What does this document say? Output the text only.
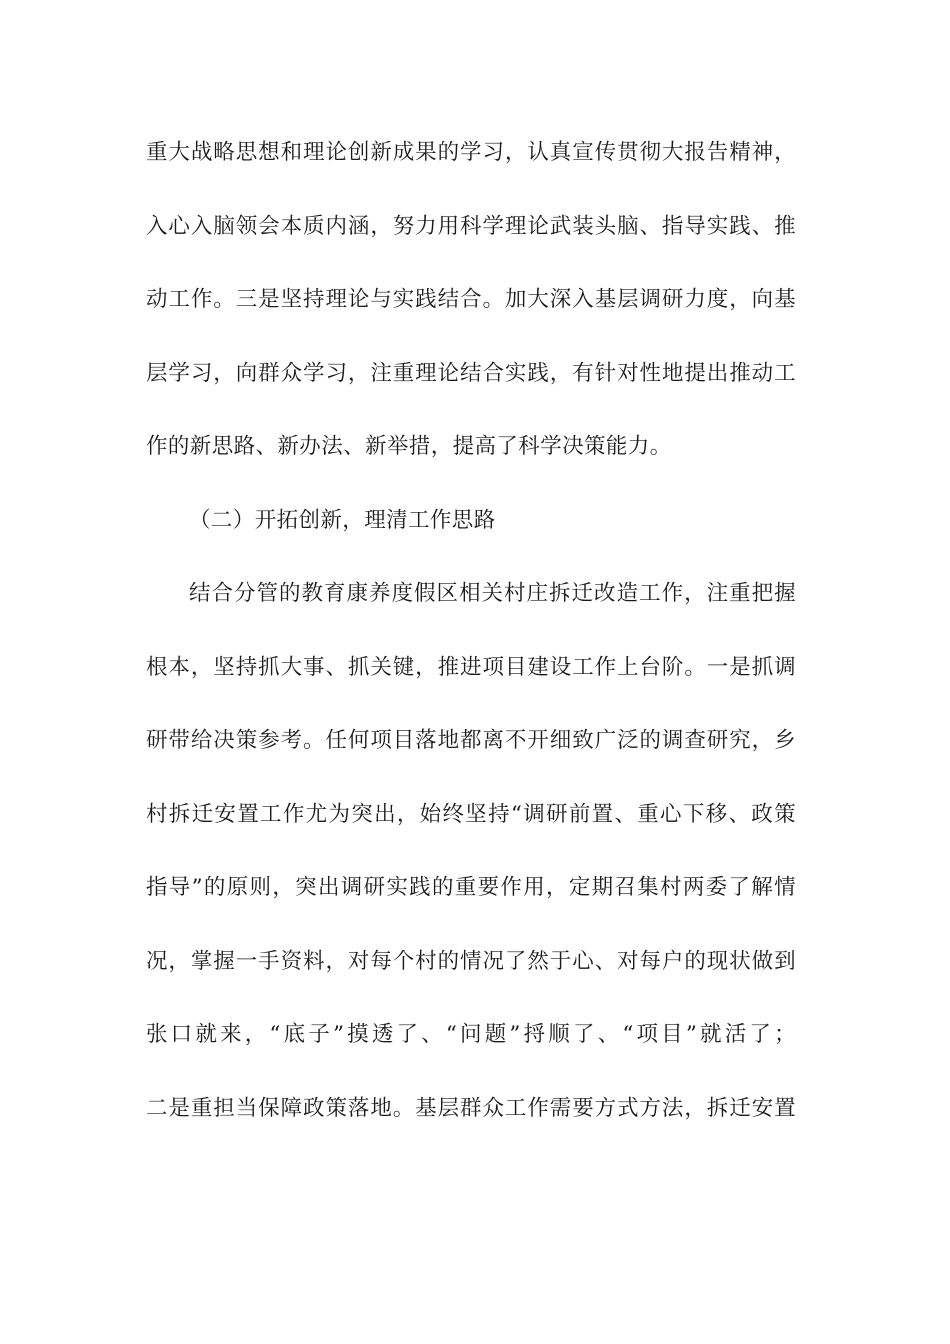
重大战略思想和理论创新成果的学习，认真宣传贯彻大报告精神，
入心入脑领会本质内涵，努力用科学理论武装头脑、指导实践、推
动工作。三是坚持理论与实践结合。加大深入基层调研力度，向基
层学习，向群众学习，注重理论结合实践，有针对性地提出推动工
作的新思路、新办法、新举措，提高了科学决策能力。
（二）开拓创新，理清工作思路
结合分管的教育康养度假区相关村庄拆迁改造工作，注重把握
根本，坚持抓大事、抓关键，推进项目建设工作上台阶。一是抓调
研带给决策参考。任何项目落地都离不开细致广泛的调查研究，乡
村拆迁安置工作尤为突出，始终坚持“调研前置、重心下移、政策
指导”的原则，突出调研实践的重要作用，定期召集村两委了解情
况，掌握一手资料，对每个村的情况了然于心、对每户的现状做到
张口就来，“底子”摸透了、“问题”捋顺了、“项目”就活了；
二是重担当保障政策落地。基层群众工作需要方式方法，拆迁安置
